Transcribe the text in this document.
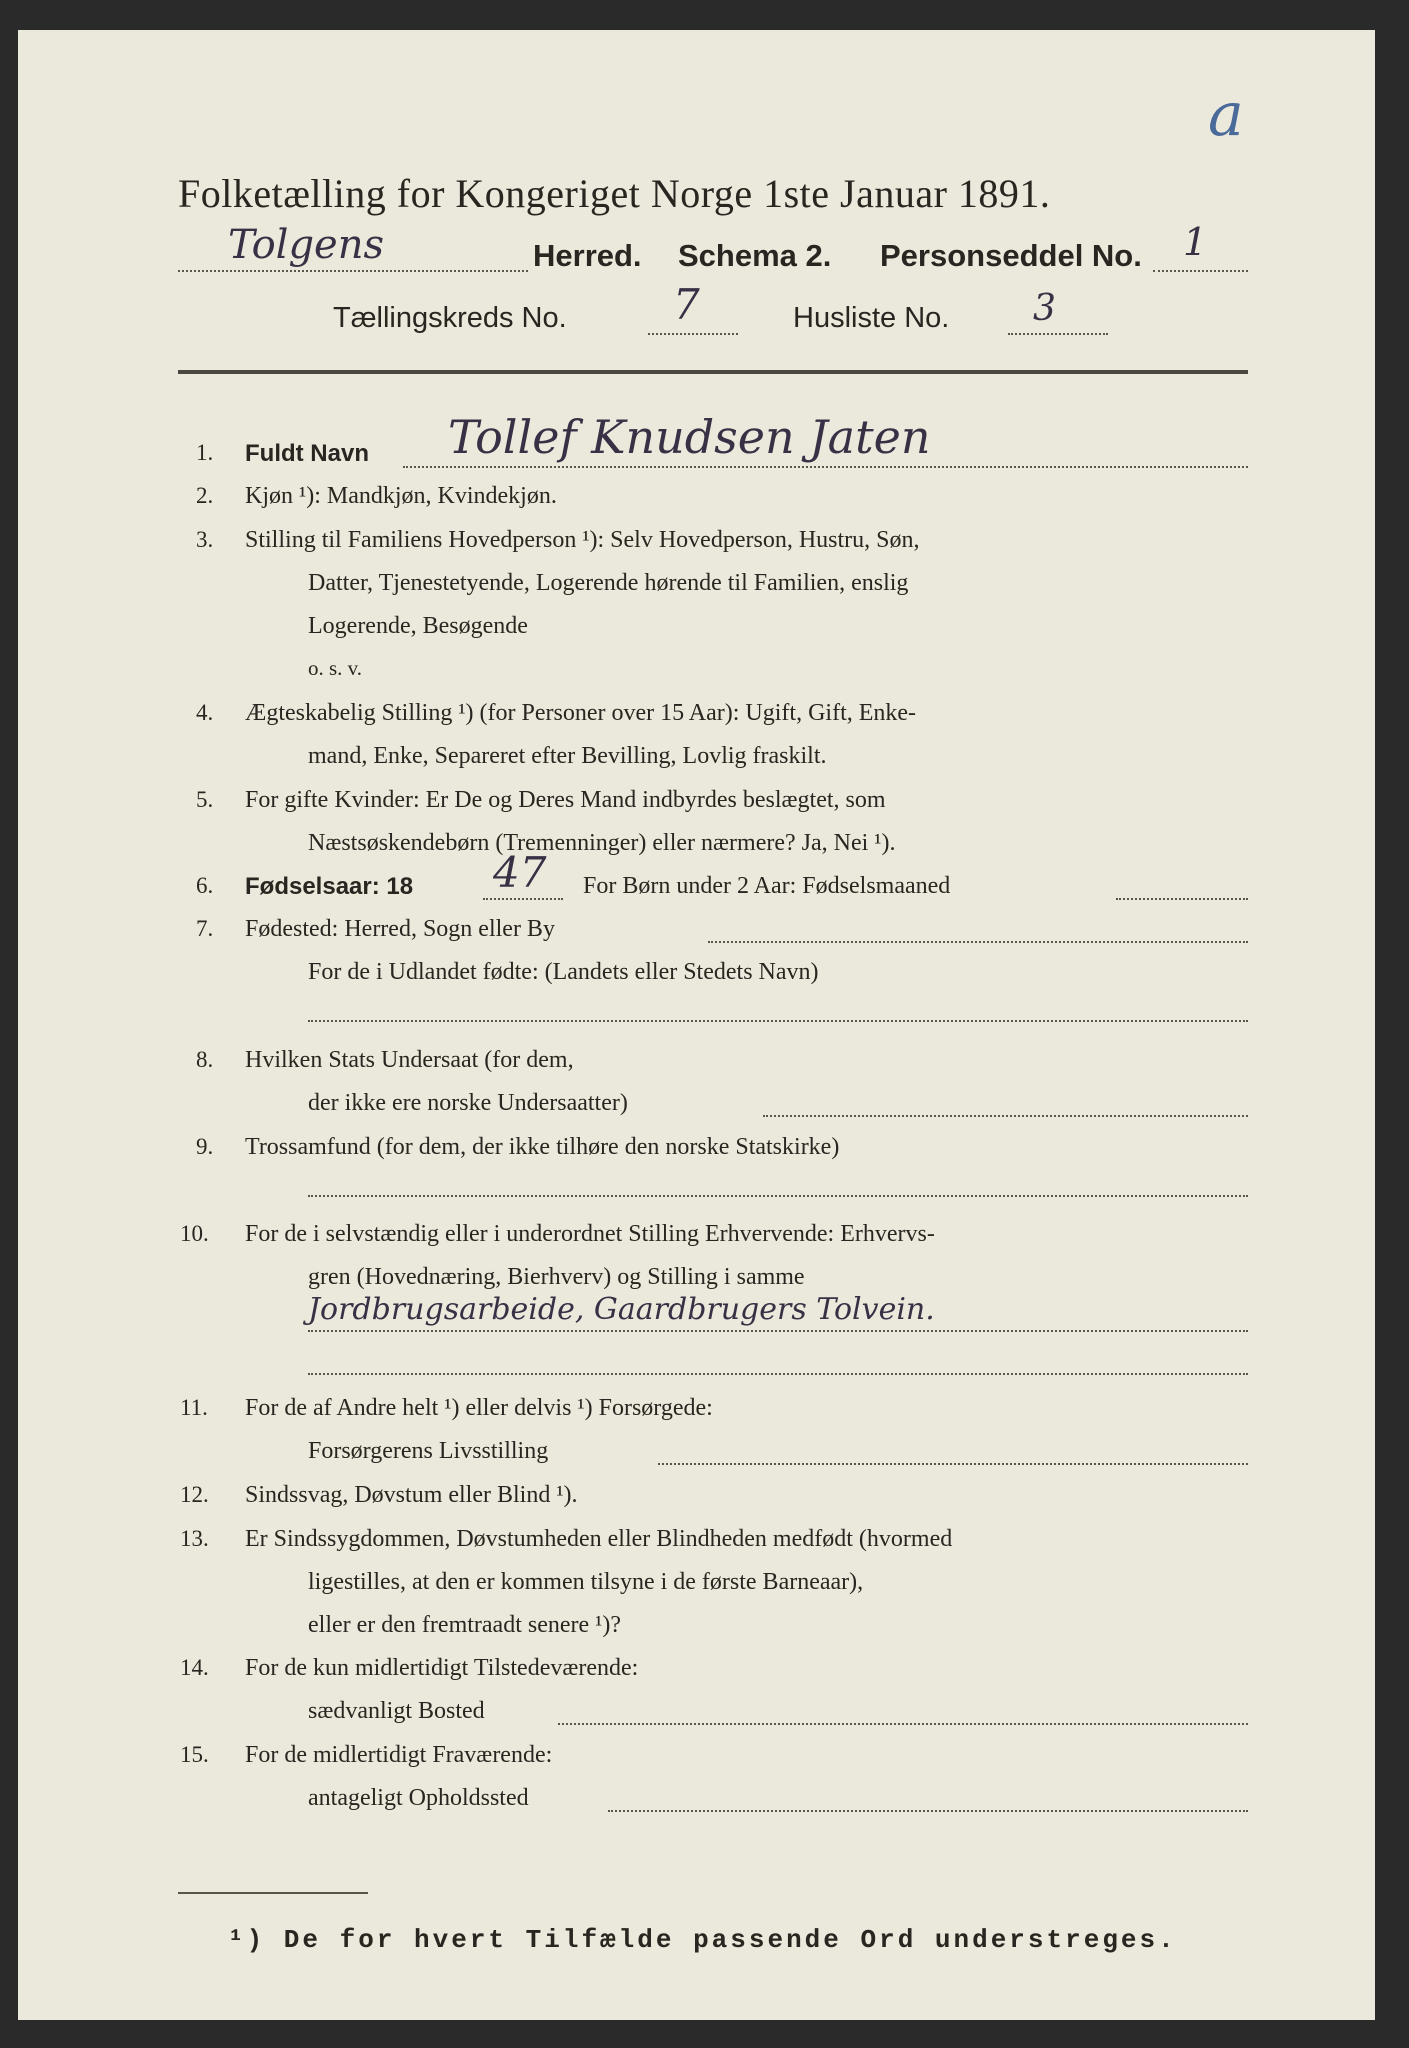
a
Folketælling for Kongeriget Norge 1ste Januar 1891.
Tolgens	Herred. Schema 2. Personseddel No. 1
Tællingskreds No.	7	Husliste No. 3
1. Fuldt Navn Tollef Knudsen Jaten
2. Kjøn ¹): Mandkjøn, Kvindekjøn.
3. Stilling til Familiens Hovedperson ¹): Selv Hovedperson, Hustru, Søn,
Datter, Tjenestetyende, Logerende hørende til Familien, enslig
Logerende, Besøgende
o. s. v.
4. Ægteskabelig Stilling ¹) (for Personer over 15 Aar): Ugift, Gift, Enke-
mand, Enke, Separeret efter Bevilling, Lovlig fraskilt.
5. For gifte Kvinder: Er De og Deres Mand indbyrdes beslægtet, som
Næstsøskendebørn (Tremenninger) eller nærmere? Ja, Nei ¹).
6. Fødselsaar: 18 47 For Børn under 2 Aar: Fødselsmaaned
7. Fødested: Herred, Sogn eller By
For de i Udlandet fødte: (Landets eller Stedets Navn)
8. Hvilken Stats Undersaat (for dem,
der ikke ere norske Undersaatter)
9. Trossamfund (for dem, der ikke tilhøre den norske Statskirke)
10. For de i selvstændig eller i underordnet Stilling Erhvervende: Erhvervs-
gren (Hovednæring, Bierhverv) og Stilling i samme
Jordbrugsarbeide, Gaardbrugers Tolvein.
11. For de af Andre helt ¹) eller delvis ¹) Forsørgede:
Forsørgerens Livsstilling
12. Sindssvag, Døvstum eller Blind ¹).
13. Er Sindssygdommen, Døvstumheden eller Blindheden medfødt (hvormed
ligestilles, at den er kommen tilsyne i de første Barneaar),
eller er den fremtraadt senere ¹)?
14. For de kun midlertidigt Tilstedeværende:
sædvanligt Bosted
15. For de midlertidigt Fraværende:
antageligt Opholdssted
¹) De for hvert Tilfælde passende Ord understreges.
